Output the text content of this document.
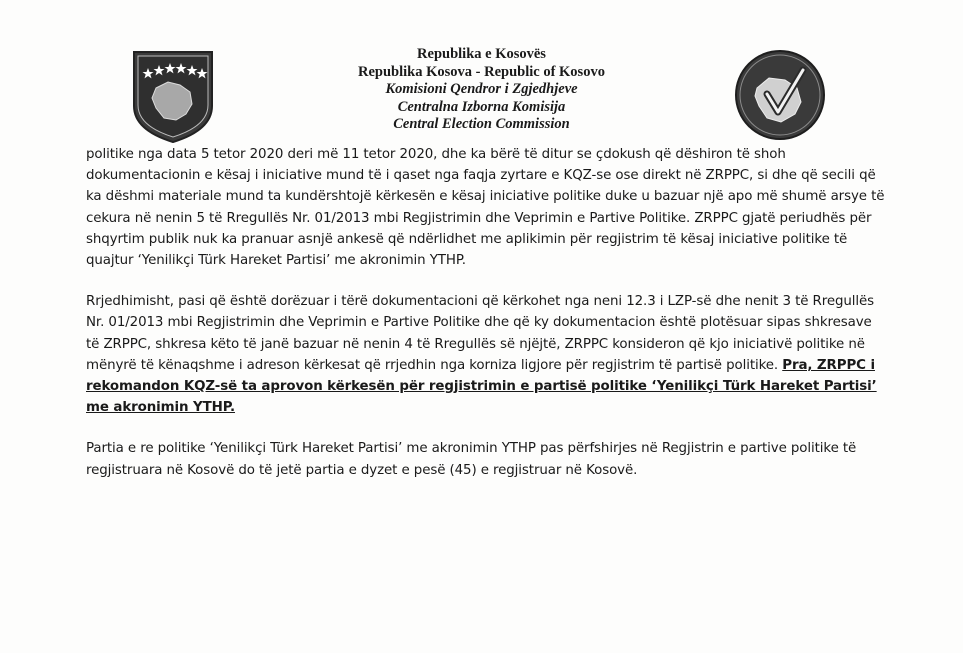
Republika e Kosovës
Republika Kosova - Republic of Kosovo
Komisioni Qendror i Zgjedhjeve
Centralna Izborna Komisija
Central Election Commission

politike nga data 5 tetor 2020 deri më 11 tetor 2020, dhe ka bërë të ditur se çdokush që dëshiron të shoh dokumentacionin e kësaj i iniciative mund të i qaset nga faqja zyrtare e KQZ-se ose direkt në ZRPPC, si dhe që secili që ka dëshmi materiale mund ta kundërshtojë kërkesën e kësaj iniciative politike duke u bazuar një apo më shumë arsye të cekura në nenin 5 të Rregullës Nr. 01/2013 mbi Regjistrimin dhe Veprimin e Partive Politike. ZRPPC gjatë periudhës për shqyrtim publik nuk ka pranuar asnjë ankesë që ndërlidhet me aplikimin për regjistrim të kësaj iniciative politike të quajtur ‘Yenilikçi Türk Hareket Partisi’ me akronimin YTHP.

Rrjedhimisht, pasi që është dorëzuar i tërë dokumentacioni që kërkohet nga neni 12.3 i LZP-së dhe nenit 3 të Rregullës Nr. 01/2013 mbi Regjistrimin dhe Veprimin e Partive Politike dhe që ky dokumentacion është plotësuar sipas shkresave të ZRPPC, shkresa këto të janë bazuar në nenin 4 të Rregullës së njëjtë, ZRPPC konsideron që kjo iniciativë politike në mënyrë të kënaqshme i adreson kërkesat që rrjedhin nga korniza ligjore për regjistrim të partisë politike. Pra, ZRPPC i rekomandon KQZ-së ta aprovon kërkesën për regjistrimin e partisë politike ‘Yenilikçi Türk Hareket Partisi’ me akronimin YTHP.

Partia e re politike ‘Yenilikçi Türk Hareket Partisi’ me akronimin YTHP pas përfshirjes në Regjistrin e partive politike të regjistruara në Kosovë do të jetë partia e dyzet e pesë (45) e regjistruar në Kosovë.
